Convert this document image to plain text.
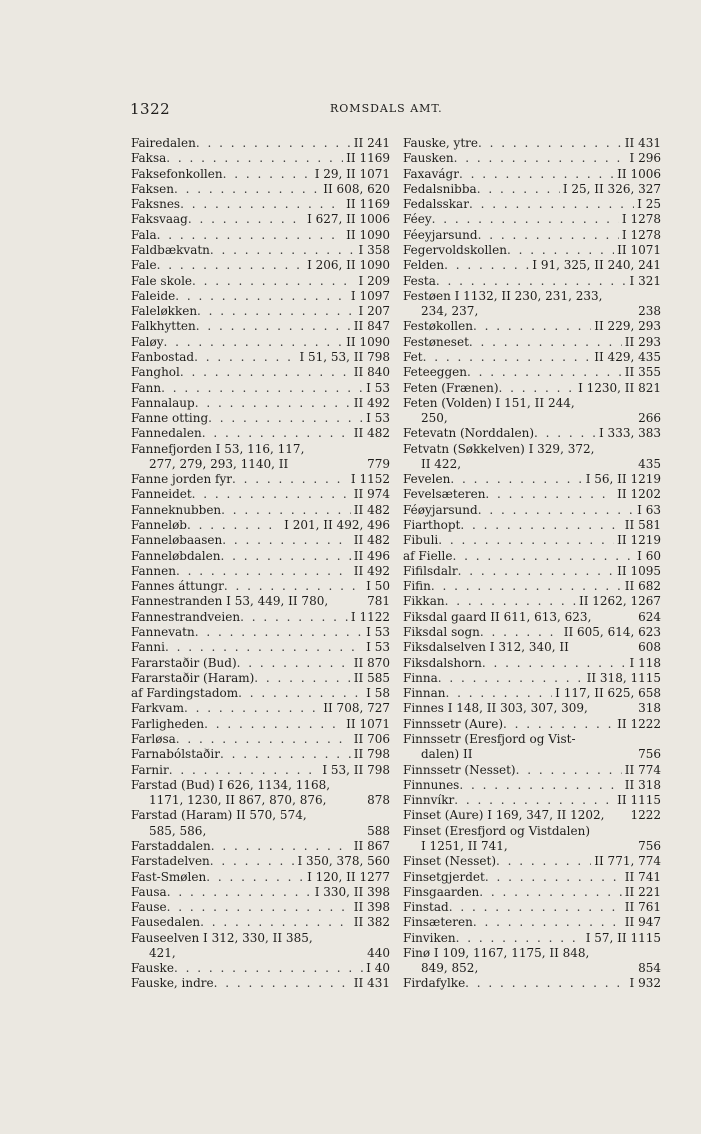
1322	ROMSDALS AMT.
Fairedalen . . .	II 241
Faksa . . .	II 1169
Faksefonkollen . . .	I 29, II 1071
Faksen . . .	II 608, 620
Faksnes . . .	II 1169
Faksvaag . . .	I 627, II 1006
Fala . . .	II 1090
Faldbækvatn . . .	I 358
Fale . . .	I 206, II 1090
Fale skole . . .	I 209
Faleide . . .	I 1097
Faleløkken . . .	I 207
Falkhytten . . .	II 847
Faløy . . .	II 1090
Fanbostad . . .	I 51, 53, II 798
Fanghol . . .	II 840
Fann . . .	I 53
Fannalaup . . .	II 492
Fanne otting . . .	I 53
Fannedalen . . .	II 482
Fannefjorden I 53, 116, 117,
277, 279, 293, 1140, II	779
Fanne jorden fyr . . .	I 1152
Fanneidet . . .	II 974
Fanneknubben . . .	II 482
Fanneløb . . .	I 201, II 492, 496
Fanneløbaasen . . .	II 482
Fanneløbdalen . . .	II 496
Fannen . . .	II 492
Fannes áttungr . . .	I 50
Fannestranden I 53, 449, II 780,	781
Fannestrandveien . . .	I 1122
Fannevatn . . .	I 53
Fanni . . .	I 53
Fararstaðir (Bud) . . .	II 870
Fararstaðir (Haram) . . .	II 585
af Fardingstadom . . .	I 58
Farkvam . . .	II 708, 727
Farligheden . . .	II 1071
Farløsa . . .	II 706
Farnabólstaðir . . .	II 798
Farnir . . .	I 53, II 798
Farstad (Bud) I 626, 1134, 1168,
1171, 1230, II 867, 870, 876,	878
Farstad (Haram) II 570, 574,
585, 586,	588
Farstaddalen . . .	II 867
Farstadelven . . .	I 350, 378, 560
Fast-Smølen . . .	I 120, II 1277
Fausa . . .	I 330, II 398
Fause . . .	II 398
Fausedalen . . .	II 382
Fauseelven I 312, 330, II 385,
421,	440
Fauske . . .	I 40
Fauske, indre . . .	II 431
Fauske, ytre . . .	II 431
Fausken . . .	I 296
Faxavágr . . .	II 1006
Fedalsnibba . . .	I 25, II 326, 327
Fedalsskar . . .	I 25
Féey . . .	I 1278
Féeyjarsund . . .	I 1278
Fegervoldskollen . . .	II 1071
Felden . . .	I 91, 325, II 240, 241
Festa . . .	I 321
Festøen I 1132, II 230, 231, 233,
234, 237,	238
Festøkollen . . .	II 229, 293
Festøneset . . .	II 293
Fet . . .	II 429, 435
Feteeggen . . .	II 355
Feten (Frænen) . . .	I 1230, II 821
Feten (Volden) I 151, II 244,
250,	266
Fetevatn (Norddalen) . . .	I 333, 383
Fetvatn (Søkkelven) I 329, 372,
II 422,	435
Fevelen . . .	I 56, II 1219
Fevelsæteren . . .	II 1202
Féøyjarsund . . .	I 63
Fiarthopt . . .	II 581
Fibuli . . .	II 1219
af Fielle . . .	I 60
Fifilsdalr . . .	II 1095
Fifin . . .	II 682
Fikkan . . .	II 1262, 1267
Fiksdal gaard II 611, 613, 623,	624
Fiksdal sogn . . .	II 605, 614, 623
Fiksdalselven I 312, 340, II	608
Fiksdalshorn . . .	I 118
Finna . . .	II 318, 1115
Finnan . . .	I 117, II 625, 658
Finnes I 148, II 303, 307, 309,	318
Finnssetr (Aure) . . .	II 1222
Finnssetr (Eresfjord og Vist-
dalen) II	756
Finnssetr (Nesset) . . .	II 774
Finnunes . . .	II 318
Finnvíkr . . .	II 1115
Finset (Aure) I 169, 347, II 1202, 1222
Finset (Eresfjord og Vistdalen)
I 1251, II 741,	756
Finset (Nesset) . . .	II 771, 774
Finsetgjerdet . . .	II 741
Finsgaarden . . .	II 221
Finstad . . .	II 761
Finsæteren . . .	II 947
Finviken . . .	I 57, II 1115
Finø I 109, 1167, 1175, II 848,
849, 852,	854
Firdafylke . . .	I 932
